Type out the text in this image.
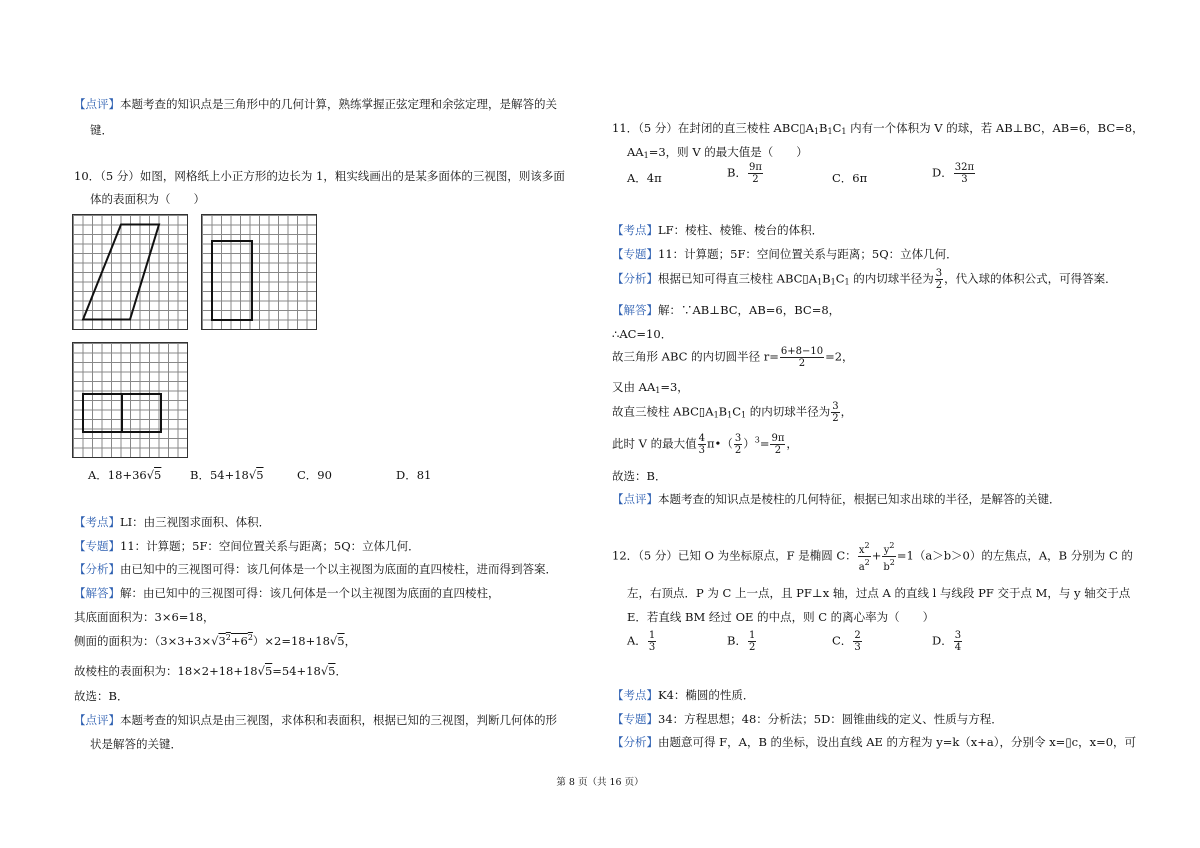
【点评】本题考查的知识点是三角形中的几何计算，熟练掌握正弦定理和余弦定理，是解答的关
键．
10．（5 分）如图，网格纸上小正方形的边长为 1，粗实线画出的是某多面体的三视图，则该多面
体的表面积为（　　）
A．18+36√5 B．54+18√5	C．90	D．81
【考点】LI：由三视图求面积、体积．
【专题】11：计算题；5F：空间位置关系与距离；5Q：立体几何．
【分析】由已知中的三视图可得：该几何体是一个以主视图为底面的直四棱柱，进而得到答案．
【解答】解：由已知中的三视图可得：该几何体是一个以主视图为底面的直四棱柱，
其底面面积为：3×6=18，
侧面的面积为：$(3\times 3+3\times√3^2+6^2)\times 2=18+18√5$，
故棱柱的表面积为：18×2+18+18√5=54+18√5．
故选：B．
【点评】本题考查的知识点是由三视图，求体积和表面积，根据已知的三视图，判断几何体的形
状是解答的关键．
11．（5 分）在封闭的直三棱柱 $ABC▯A_1B_1C_1$ 内有一个体积为 V 的球，若 AB⊥BC，AB=6，BC=8，
$AA_1=3$，则 V 的最大值是（　　）
A．4π	B． $\frac{9\pi}{2}$	C．6π	D． $\frac{32\pi}{3}$
【考点】LF：棱柱、棱锥、棱台的体积．
【专题】11：计算题；5F：空间位置关系与距离；5Q：立体几何．
【分析】根据已知可得直三棱柱 $ABC▯A_1B_1C_1$ 的内切球半径为 $\frac{3}{2}$ ，代入球的体积公式，可得答案．
【解答】解：∵AB⊥BC，AB=6，BC=8，
∴AC=10．
故三角形 ABC 的内切圆半径 $r= \frac{6+8-10}{2} =2$，
又由 $AA_1=3$，
故直三棱柱 $ABC▯A_1B_1C_1$ 的内切球半径为 $\frac{3}{2}$ ，
此时 V 的最大值 $\frac{4}{3}$ π•（ $\frac{3}{2} )^3= \frac{9\pi}{2}$ ，
故选：B．
【点评】本题考查的知识点是棱柱的几何特征，根据已知求出球的半径，是解答的关键．
12．（5 分）已知 O 为坐标原点，F 是椭圆 C： $\frac{x^2}{a^2} + \frac{y^2}{b^2} =1(a>b>0)$的左焦点，A，B 分别为 C 的
左，右顶点．P 为 C 上一点，且 PF⊥x 轴，过点 A 的直线 l 与线段 PF 交于点 M，与 y 轴交于点
E．若直线 BM 经过 OE 的中点，则 C 的离心率为（　　）
A． $\frac{1}{3}$	B． $\frac{1}{2}$	C． $\frac{2}{3}$	D． $\frac{3}{4}$
【考点】K4：椭圆的性质．
【专题】34：方程思想；48：分析法；5D：圆锥曲线的定义、性质与方程．
【分析】由题意可得 F，A，B 的坐标，设出直线 AE 的方程为 y=k（x+a），分别令 x=▯c，x=0，可
第 8 页（共 16 页）
